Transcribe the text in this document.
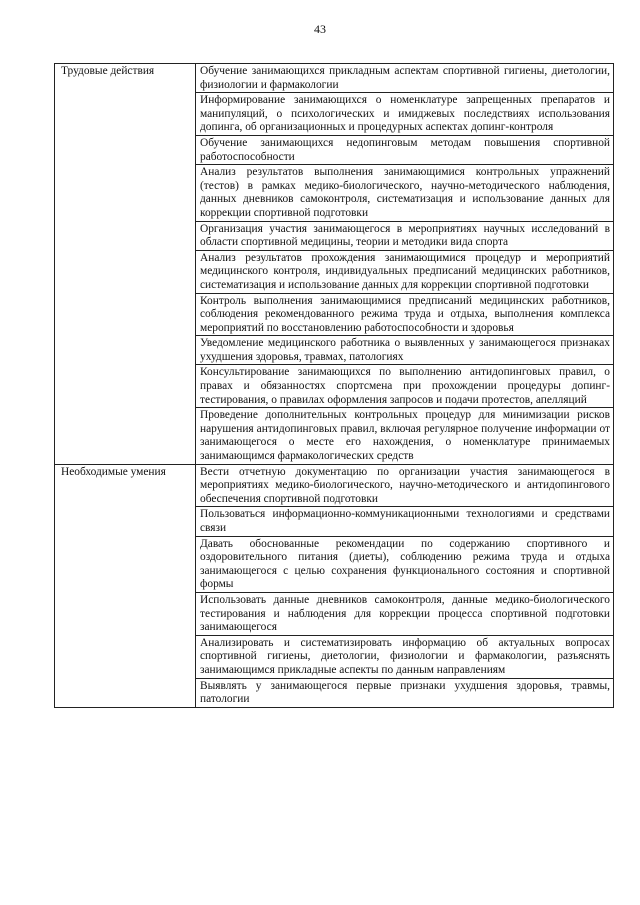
43
Трудовые действия	Обучение занимающихся прикладным аспектам спортивной гигиены, диетологии, физиологии и фармакологии
	Информирование занимающихся о номенклатуре запрещенных препаратов и манипуляций, о психологических и имиджевых последствиях использования допинга, об организационных и процедурных аспектах допинг-контроля
	Обучение занимающихся недопинговым методам повышения спортивной работоспособности
	Анализ результатов выполнения занимающимися контрольных упражнений (тестов) в рамках медико-биологического, научно-методического наблюдения, данных дневников самоконтроля, систематизация и использование данных для коррекции спортивной подготовки
	Организация участия занимающегося в мероприятиях научных исследований в области спортивной медицины, теории и методики вида спорта
	Анализ результатов прохождения занимающимися процедур и мероприятий медицинского контроля, индивидуальных предписаний медицинских работников, систематизация и использование данных для коррекции спортивной подготовки
	Контроль выполнения занимающимися предписаний медицинских работников, соблюдения рекомендованного режима труда и отдыха, выполнения комплекса мероприятий по восстановлению работоспособности и здоровья
	Уведомление медицинского работника о выявленных у занимающегося признаках ухудшения здоровья, травмах, патологиях
	Консультирование занимающихся по выполнению антидопинговых правил, о правах и обязанностях спортсмена при прохождении процедуры допинг-тестирования, о правилах оформления запросов и подачи протестов, апелляций
	Проведение дополнительных контрольных процедур для минимизации рисков нарушения антидопинговых правил, включая регулярное получение информации от занимающегося о месте его нахождения, о номенклатуре принимаемых занимающимся фармакологических средств
Необходимые умения	Вести отчетную документацию по организации участия занимающегося в мероприятиях медико-биологического, научно-методического и антидопингового обеспечения спортивной подготовки
	Пользоваться информационно-коммуникационными технологиями и средствами связи
	Давать обоснованные рекомендации по содержанию спортивного и оздоровительного питания (диеты), соблюдению режима труда и отдыха занимающегося с целью сохранения функционального состояния и спортивной формы
	Использовать данные дневников самоконтроля, данные медико-биологического тестирования и наблюдения для коррекции процесса спортивной подготовки занимающегося
	Анализировать и систематизировать информацию об актуальных вопросах спортивной гигиены, диетологии, физиологии и фармакологии, разъяснять занимающимся прикладные аспекты по данным направлениям
	Выявлять у занимающегося первые признаки ухудшения здоровья, травмы, патологии
